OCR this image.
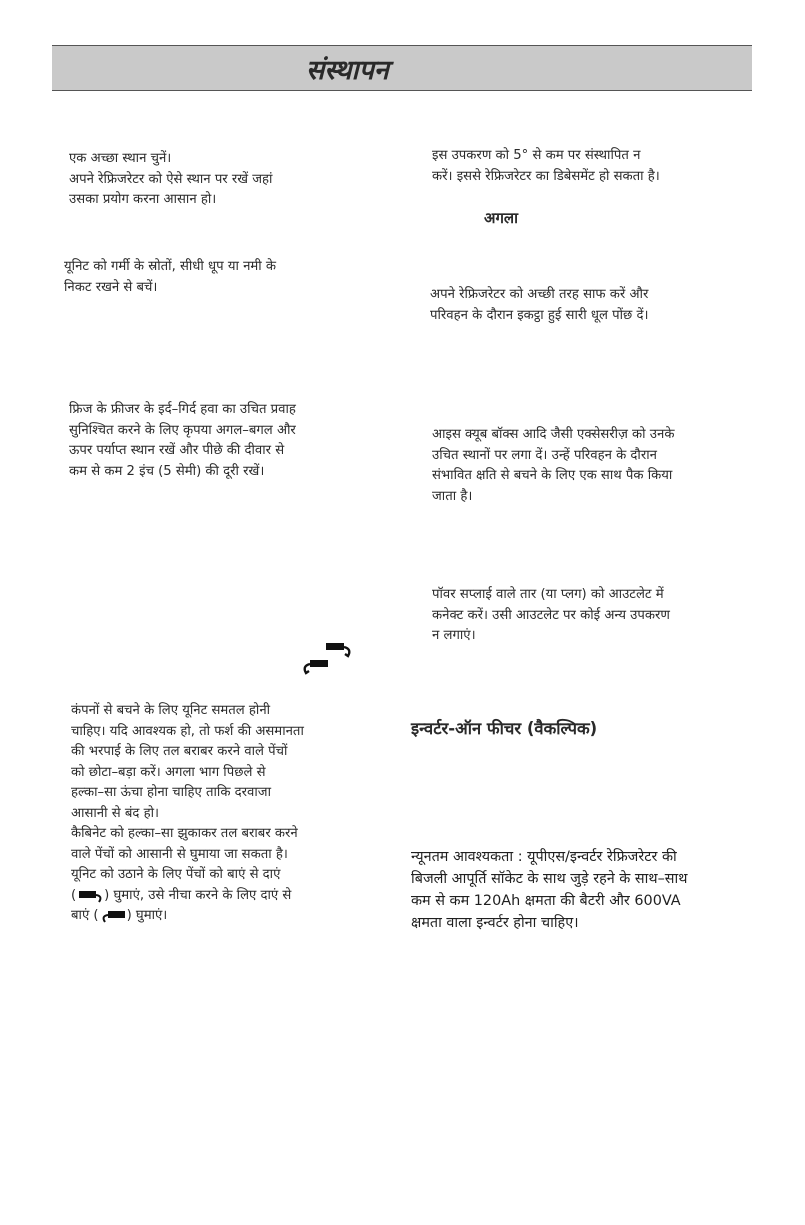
संस्थापन
एक अच्छा स्थान चुनें।
अपने रेफ्रिजरेटर को ऐसे स्थान पर रखें जहां
उसका प्रयोग करना आसान हो।
यूनिट को गर्मी के स्रोतों, सीधी धूप या नमी के
निकट रखने से बचें।
फ्रिज के फ्रीजर के इर्द–गिर्द हवा का उचित प्रवाह
सुनिश्चित करने के लिए कृपया अगल–बगल और
ऊपर पर्याप्त स्थान रखें और पीछे की दीवार से
कम से कम 2 इंच (5 सेमी) की दूरी रखें।
कंपनों से बचने के लिए यूनिट समतल होनी
चाहिए। यदि आवश्यक हो, तो फर्श की असमानता
की भरपाई के लिए तल बराबर करने वाले पेंचों
को छोटा–बड़ा करें। अगला भाग पिछले से
हल्का–सा ऊंचा होना चाहिए ताकि दरवाजा
आसानी से बंद हो।
कैबिनेट को हल्का–सा झुकाकर तल बराबर करने
वाले पेंचों को आसानी से घुमाया जा सकता है।
यूनिट को उठाने के लिए पेंचों को बाएं से दाएं
( ) घुमाएं, उसे नीचा करने के लिए दाएं से
बाएं ( ) घुमाएं।
इस उपकरण को 5° से कम पर संस्थापित न
करें। इससे रेफ्रिजरेटर का डिबेसमेंट हो सकता है।
अगला
अपने रेफ्रिजरेटर को अच्छी तरह साफ करें और
परिवहन के दौरान इकट्ठा हुई सारी धूल पोंछ दें।
आइस क्यूब बॉक्स आदि जैसी एक्सेसरीज़ को उनके
उचित स्थानों पर लगा दें। उन्हें परिवहन के दौरान
संभावित क्षति से बचने के लिए एक साथ पैक किया
जाता है।
पॉवर सप्लाई वाले तार (या प्लग) को आउटलेट में
कनेक्ट करें। उसी आउटलेट पर कोई अन्य उपकरण
न लगाएं।
इन्वर्टर-ऑन फीचर (वैकल्पिक)
न्यूनतम आवश्यकता : यूपीएस/इन्वर्टर रेफ्रिजरेटर की
बिजली आपूर्ति सॉकेट के साथ जुड़े रहने के साथ–साथ
कम से कम 120Ah क्षमता की बैटरी और 600VA
क्षमता वाला इन्वर्टर होना चाहिए।
